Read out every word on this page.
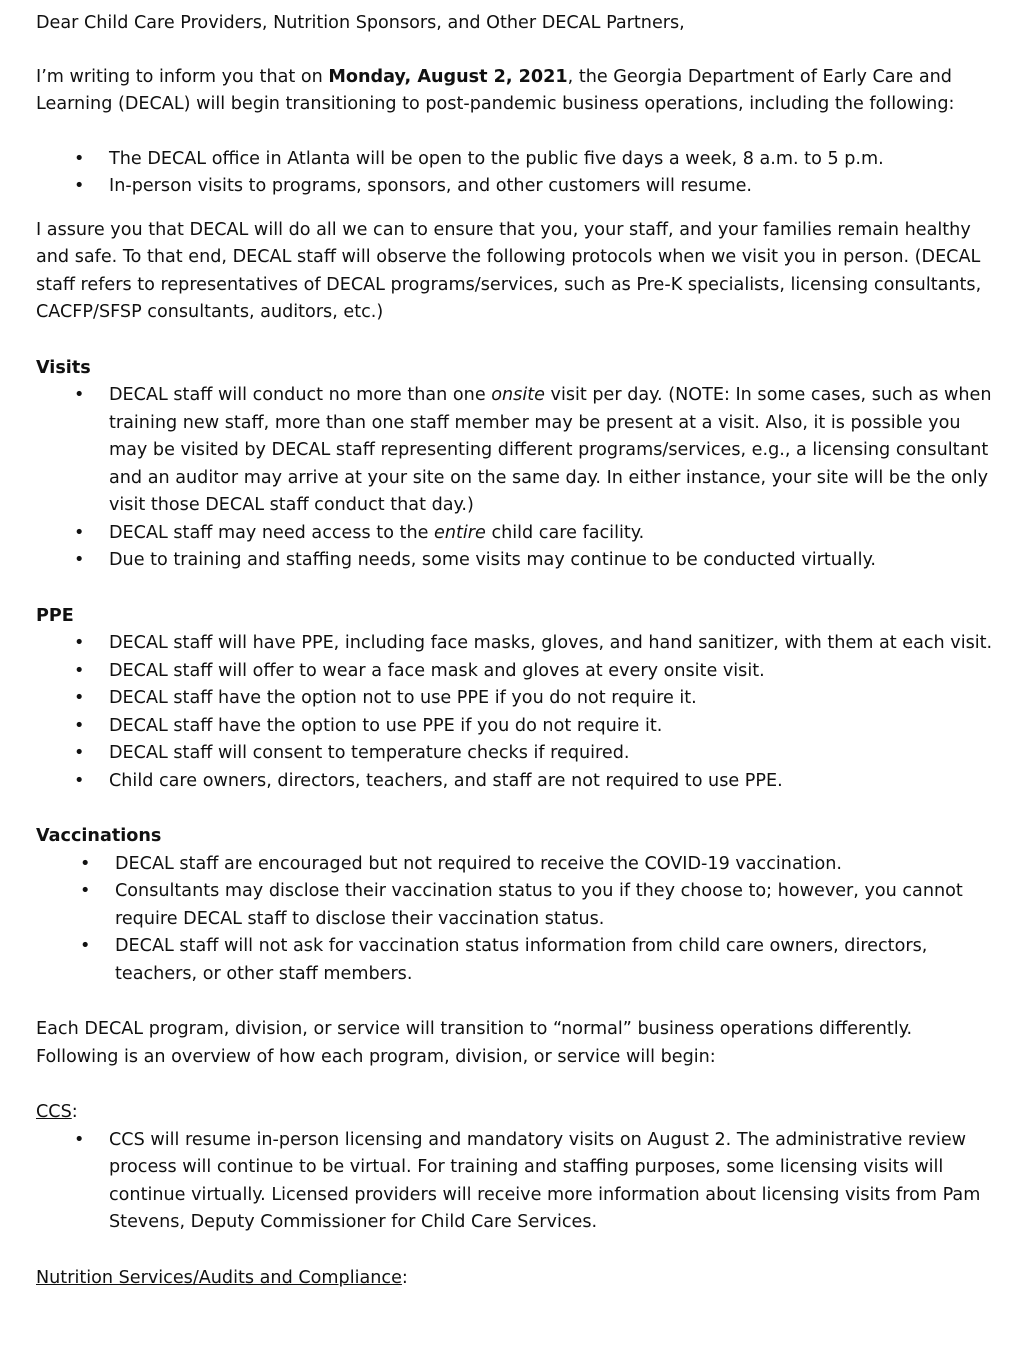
Dear Child Care Providers, Nutrition Sponsors, and Other DECAL Partners,

I’m writing to inform you that on Monday, August 2, 2021, the Georgia Department of Early Care and Learning (DECAL) will begin transitioning to post-pandemic business operations, including the following:

• The DECAL office in Atlanta will be open to the public five days a week, 8 a.m. to 5 p.m.
• In-person visits to programs, sponsors, and other customers will resume.

I assure you that DECAL will do all we can to ensure that you, your staff, and your families remain healthy and safe. To that end, DECAL staff will observe the following protocols when we visit you in person. (DECAL staff refers to representatives of DECAL programs/services, such as Pre-K specialists, licensing consultants, CACFP/SFSP consultants, auditors, etc.)

Visits
• DECAL staff will conduct no more than one onsite visit per day. (NOTE: In some cases, such as when training new staff, more than one staff member may be present at a visit. Also, it is possible you may be visited by DECAL staff representing different programs/services, e.g., a licensing consultant and an auditor may arrive at your site on the same day. In either instance, your site will be the only visit those DECAL staff conduct that day.)
• DECAL staff may need access to the entire child care facility.
• Due to training and staffing needs, some visits may continue to be conducted virtually.
PPE
• DECAL staff will have PPE, including face masks, gloves, and hand sanitizer, with them at each visit.
• DECAL staff will offer to wear a face mask and gloves at every onsite visit.
• DECAL staff have the option not to use PPE if you do not require it.
• DECAL staff have the option to use PPE if you do not require it.
• DECAL staff will consent to temperature checks if required.
• Child care owners, directors, teachers, and staff are not required to use PPE.
Vaccinations
• DECAL staff are encouraged but not required to receive the COVID-19 vaccination.
• Consultants may disclose their vaccination status to you if they choose to; however, you cannot require DECAL staff to disclose their vaccination status.
• DECAL staff will not ask for vaccination status information from child care owners, directors, teachers, or other staff members.

Each DECAL program, division, or service will transition to “normal” business operations differently. Following is an overview of how each program, division, or service will begin:

CCS:
• CCS will resume in-person licensing and mandatory visits on August 2. The administrative review process will continue to be virtual. For training and staffing purposes, some licensing visits will continue virtually. Licensed providers will receive more information about licensing visits from Pam Stevens, Deputy Commissioner for Child Care Services.
Nutrition Services/Audits and Compliance:
